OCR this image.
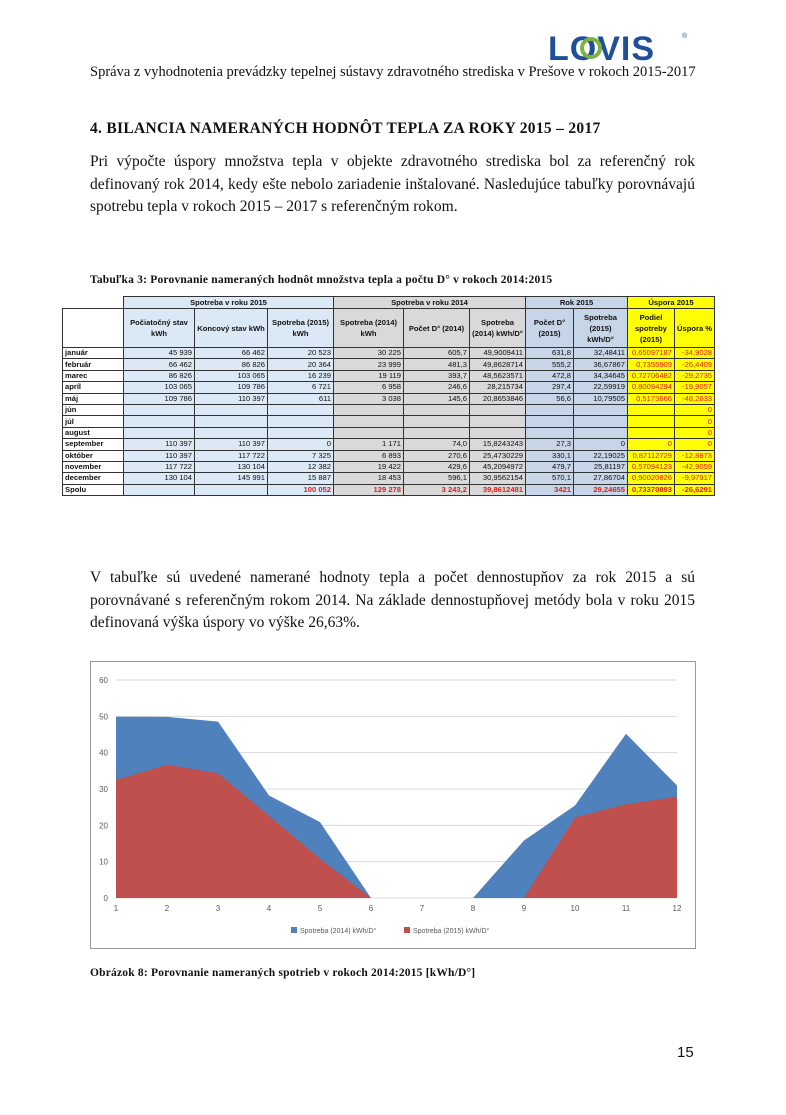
LOVIS	®
Správa z vyhodnotenia prevádzky tepelnej sústavy zdravotného strediska v Prešove v rokoch 2015-2017
4. BILANCIA NAMERANÝCH HODNÔT TEPLA ZA ROKY 2015 – 2017
Pri výpočte úspory množstva tepla v objekte zdravotného strediska bol za referenčný rok definovaný rok 2014, kedy ešte nebolo zariadenie inštalované. Nasledujúce tabuľky porovnávajú spotrebu tepla v rokoch 2015 – 2017 s referenčným rokom.
Tabuľka 3: Porovnanie nameraných hodnôt množstva tepla a počtu D° v rokoch 2014:2015
	Spotreba v roku 2015			Spotreba v roku 2014			Rok 2015		Úspora 2015	
	Počiatočný stav kWh	Koncový stav kWh	Spotreba (2015) kWh	Spotreba (2014) kWh	Počet D° (2014)	Spotreba (2014) kWh/D°	Počet D° (2015)	Spotreba (2015) kWh/D°	Podiel spotreby (2015)	Úspora %
január	45 939	66 462	20 523	30 225	605,7	49,9009411	631,8	32,48411	0,65097187	-34,9028
február	66 462	86 826	20 364	23 999	481,3	49,8628714	555,2	36,67867	0,7355909	-26,4409
marec	86 826	103 065	16 239	19 119	393,7	48,5623571	472,8	34,34645	0,72706482	-29,2735
apríl	103 065	109 786	6 721	6 958	246,6	28,215734	297,4	22,59919	0,80094294	-19,9057
máj	109 786	110 397	611	3 038	145,6	20,8653846	56,6	10,79505	0,5173666	-48,2633
jún										0
júl										0
august										0
september	110 397	110 397	0	1 171	74,0	15,8243243	27,3	0	0	0
október	110 397	117 722	7 325	6 893	270,6	25,4730229	330,1	22,19025	0,87112729	-12,8873
november	117 722	130 104	12 382	19 422	429,6	45,2094972	479,7	25,81197	0,57094123	-42,9059
december	130 104	145 991	15 887	18 453	596,1	30,9562154	570,1	27,86704	0,90020826	-9,97917
Spolu			100 052	129 278	3 243,2	39,8612481	3421	29,24655	0,73370893	-26,6291
V tabuľke sú uvedené namerané hodnoty tepla a počet dennostupňov za rok 2015 a sú porovnávané s referenčným rokom 2014. Na základe dennostupňovej metódy bola v roku 2015 definovaná výška úspory vo výške 26,63%.
0
10
20
30
40
50
60
1	2	3	4	5	6	7	8	9	10	11	12
Spotreba (2014) kWh/D°	Spotreba (2015) kWh/D°
Obrázok 8: Porovnanie nameraných spotrieb v rokoch 2014:2015 [kWh/D°]
15
